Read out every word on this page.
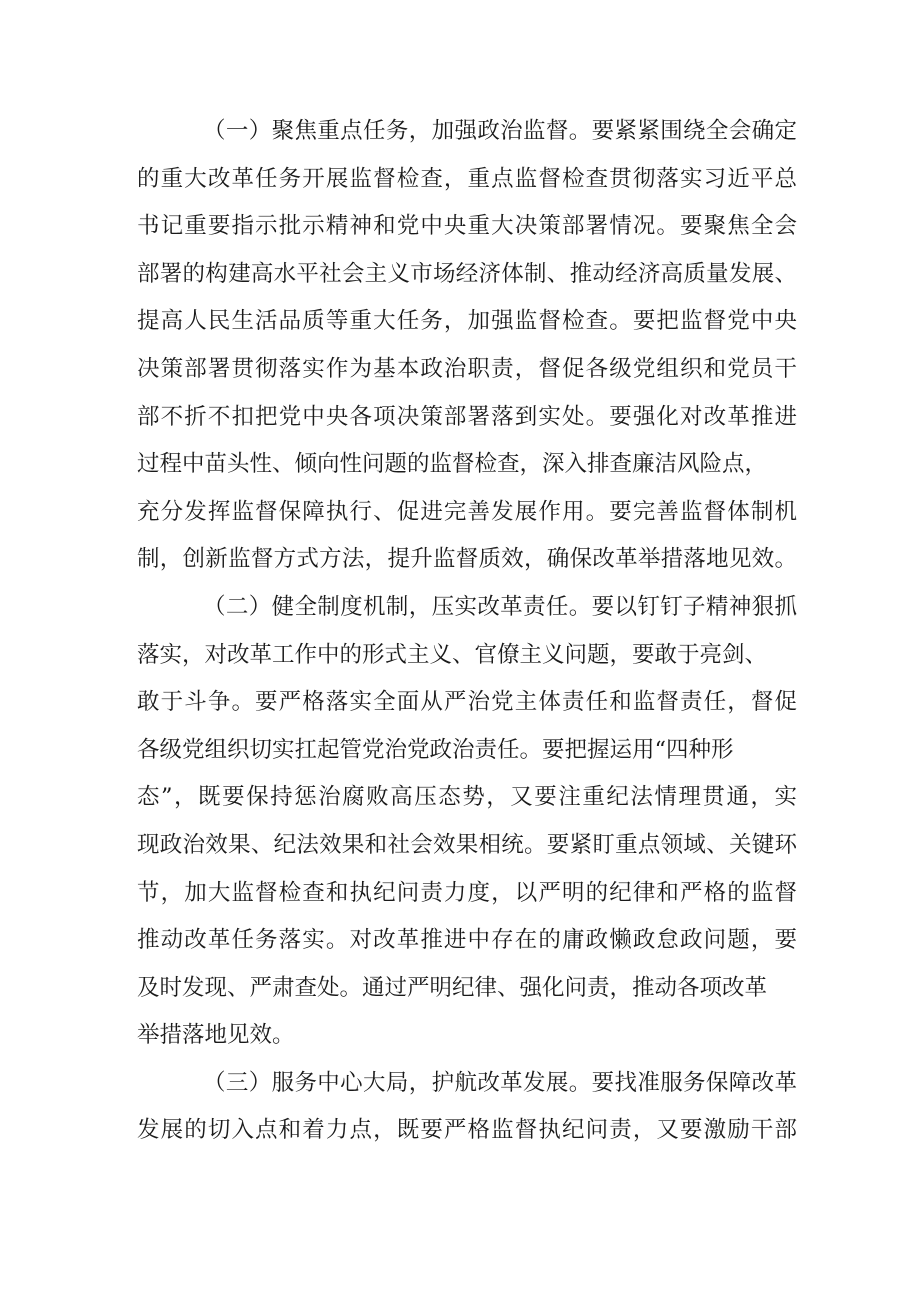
（一）聚焦重点任务，加强政治监督。要紧紧围绕全会确定
的重大改革任务开展监督检查，重点监督检查贯彻落实习近平总
书记重要指示批示精神和党中央重大决策部署情况。要聚焦全会
部署的构建高水平社会主义市场经济体制、推动经济高质量发展、
提高人民生活品质等重大任务，加强监督检查。要把监督党中央
决策部署贯彻落实作为基本政治职责，督促各级党组织和党员干
部不折不扣把党中央各项决策部署落到实处。要强化对改革推进
过程中苗头性、倾向性问题的监督检查，深入排查廉洁风险点，
充分发挥监督保障执行、促进完善发展作用。要完善监督体制机
制，创新监督方式方法，提升监督质效，确保改革举措落地见效。
（二）健全制度机制，压实改革责任。要以钉钉子精神狠抓
落实，对改革工作中的形式主义、官僚主义问题，要敢于亮剑、
敢于斗争。要严格落实全面从严治党主体责任和监督责任，督促
各级党组织切实扛起管党治党政治责任。要把握运用“四种形
态”，既要保持惩治腐败高压态势，又要注重纪法情理贯通，实
现政治效果、纪法效果和社会效果相统。要紧盯重点领域、关键环
节，加大监督检查和执纪问责力度，以严明的纪律和严格的监督
推动改革任务落实。对改革推进中存在的庸政懒政怠政问题，要
及时发现、严肃查处。通过严明纪律、强化问责，推动各项改革
举措落地见效。
（三）服务中心大局，护航改革发展。要找准服务保障改革
发展的切入点和着力点，既要严格监督执纪问责，又要激励干部
